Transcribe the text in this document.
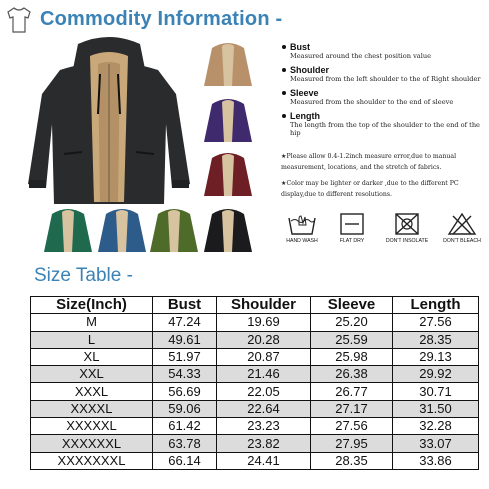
Commodity Information -
Bust
Measured around the chest position value
Shoulder
Measured from the left shoulder to the of Right shoulder
Sleeve
Measured from the shoulder to the end of sleeve
Length
The length from the top of the shoulder to the end of the hip

★Please allow 0.4-1.2inch measure error,due to manual measurement, locations, and the stretch of fabrics.

★Color may be lighter or darker ,due to the different PC display,due to different resolutions.

HAND WASH	FLAT DRY	DON'T INSOLATE	DON'T BLEACH
Size Table -
Size(Inch)	Bust	Shoulder	Sleeve	Length
M	47.24	19.69	25.20	27.56
L	49.61	20.28	25.59	28.35
XL	51.97	20.87	25.98	29.13
XXL	54.33	21.46	26.38	29.92
XXXL	56.69	22.05	26.77	30.71
XXXXL	59.06	22.64	27.17	31.50
XXXXXL	61.42	23.23	27.56	32.28
XXXXXXL	63.78	23.82	27.95	33.07
XXXXXXXL	66.14	24.41	28.35	33.86
